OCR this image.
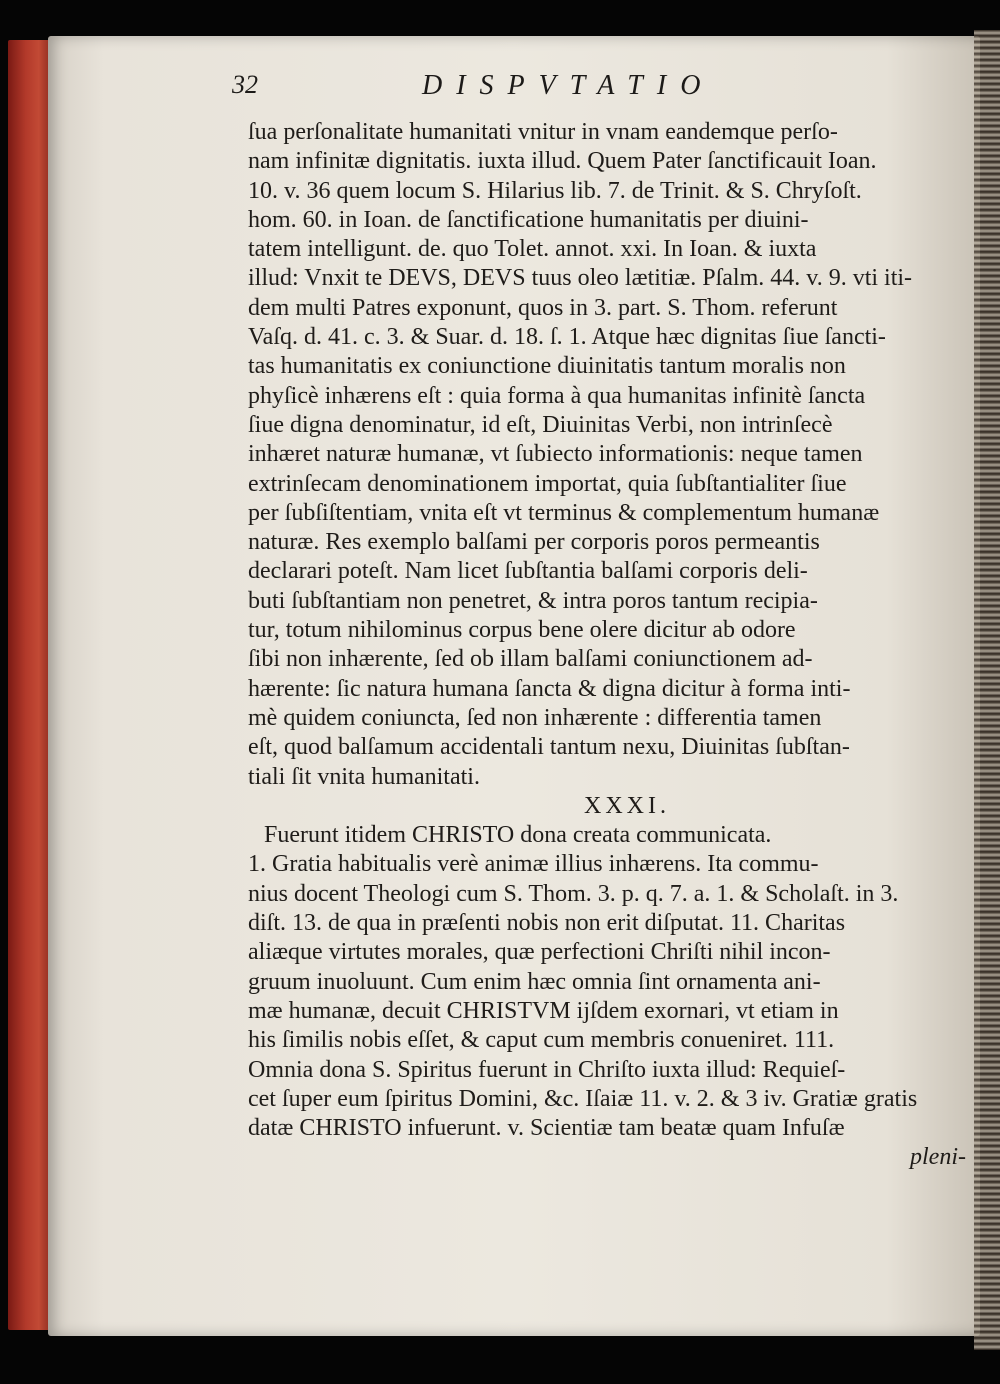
32	DISPVTATIO
ſua perſonalitate humanitati vnitur in vnam eandemque perſo-
nam infinitæ dignitatis. iuxta illud. Quem Pater ſanctificauit Ioan.
10. v. 36 quem locum S. Hilarius lib. 7. de Trinit. & S. Chryſoſt.
hom. 60. in Ioan. de ſanctificatione humanitatis per diuini-
tatem intelligunt. de. quo Tolet. annot. xxi. In Ioan. & iuxta
illud: Vnxit te DEVS, DEVS tuus oleo lætitiæ. Pſalm. 44. v. 9. vti iti-
dem multi Patres exponunt, quos in 3. part. S. Thom. referunt
Vaſq. d. 41. c. 3. & Suar. d. 18. ſ. 1. Atque hæc dignitas ſiue ſancti-
tas humanitatis ex coniunctione diuinitatis tantum moralis non
phyſicè inhærens eſt : quia forma à qua humanitas infinitè ſancta
ſiue digna denominatur, id eſt, Diuinitas Verbi, non intrinſecè
inhæret naturæ humanæ, vt ſubiecto informationis: neque tamen
extrinſecam denominationem importat, quia ſubſtantialiter ſiue
per ſubſiſtentiam, vnita eſt vt terminus & complementum humanæ
naturæ. Res exemplo balſami per corporis poros permeantis
declarari poteſt. Nam licet ſubſtantia balſami corporis deli-
buti ſubſtantiam non penetret, & intra poros tantum recipia-
tur, totum nihilominus corpus bene olere dicitur ab odore
ſibi non inhærente, ſed ob illam balſami coniunctionem ad-
hærente: ſic natura humana ſancta & digna dicitur à forma inti-
mè quidem coniuncta, ſed non inhærente : differentia tamen
eſt, quod balſamum accidentali tantum nexu, Diuinitas ſubſtan-
tiali ſit vnita humanitati.
XXXI.
Fuerunt itidem CHRISTO dona creata communicata.
1. Gratia habitualis verè animæ illius inhærens. Ita commu-
nius docent Theologi cum S. Thom. 3. p. q. 7. a. 1. & Scholaſt. in 3.
diſt. 13. de qua in præſenti nobis non erit diſputat. 11. Charitas
aliæque virtutes morales, quæ perfectioni Chriſti nihil incon-
gruum inuoluunt. Cum enim hæc omnia ſint ornamenta ani-
mæ humanæ, decuit CHRISTVM ijſdem exornari, vt etiam in
his ſimilis nobis eſſet, & caput cum membris conueniret. 111.
Omnia dona S. Spiritus fuerunt in Chriſto iuxta illud: Requieſ-
cet ſuper eum ſpiritus Domini, &c. Iſaiæ 11. v. 2. & 3 iv. Gratiæ gratis
datæ CHRISTO infuerunt. v. Scientiæ tam beatæ quam Infuſæ
pleni-
